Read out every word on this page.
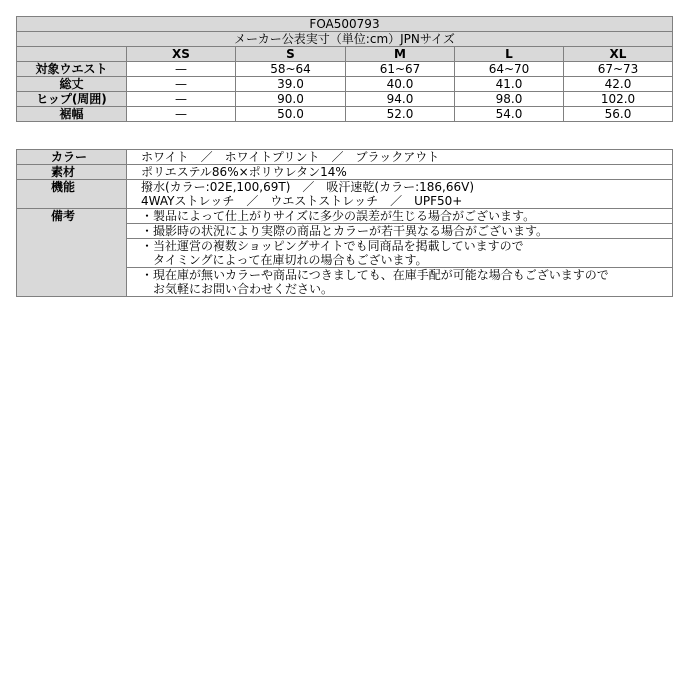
FOA500793					
メーカー公表実寸（単位:cm）JPNサイズ					
	XS	S	M	L	XL
対象ウエスト	—	58~64	61~67	64~70	67~73
総丈	—	39.0	40.0	41.0	42.0
ヒップ(周囲)	—	90.0	94.0	98.0	102.0
裾幅	—	50.0	52.0	54.0	56.0
カラー	ホワイト　／　ホワイトプリント　／　ブラックアウト
素材	ポリエステル86%×ポリウレタン14%
機能	撥水(カラー:02E,100,69T)　／　吸汗速乾(カラー:186,66V)
4WAYストレッチ　／　ウエストストレッチ　／　UPF50+

備考	・製品によって仕上がりサイズに多少の誤差が生じる場合がございます。

	・撮影時の状況により実際の商品とカラーが若干異なる場合がございます。

	・当社運営の複数ショッピングサイトでも同商品を掲載していますので
タイミングによって在庫切れの場合もございます。

	・現在庫が無いカラーや商品につきましても、在庫手配が可能な場合もございますので
お気軽にお問い合わせください。
